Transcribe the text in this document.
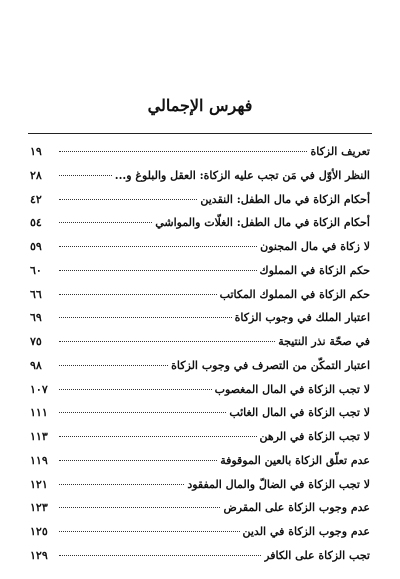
فهرس الإجمالي
تعريف الزكاة
١٩
النظر الأوّل في مَن تجب عليه الزكاة: العقل والبلوغ و...
٢٨
أحكام الزكاة في مال الطفل: النقدين
٤٢
أحكام الزكاة في مال الطفل: الغلّات والمواشي
٥٤
لا زكاة في مال المجنون
٥٩
حكم الزكاة في المملوك
٦٠
حكم الزكاة في المملوك المكاتب
٦٦
اعتبار الملك في وجوب الزكاة
٦٩
في صحّة نذر النتيجة
٧٥
اعتبار التمكّن من التصرف في وجوب الزكاة
٩٨
لا تجب الزكاة في المال المغصوب
١٠٧
لا تجب الزكاة في المال الغائب
١١١
لا تجب الزكاة في الرهن
١١٣
عدم تعلّق الزكاة بالعين الموقوفة
١١٩
لا تجب الزكاة في الضالّ والمال المفقود
١٢١
عدم وجوب الزكاة على المقرض
١٢٣
عدم وجوب الزكاة في الدين
١٢٥
تجب الزكاة على الكافر
١٢٩
